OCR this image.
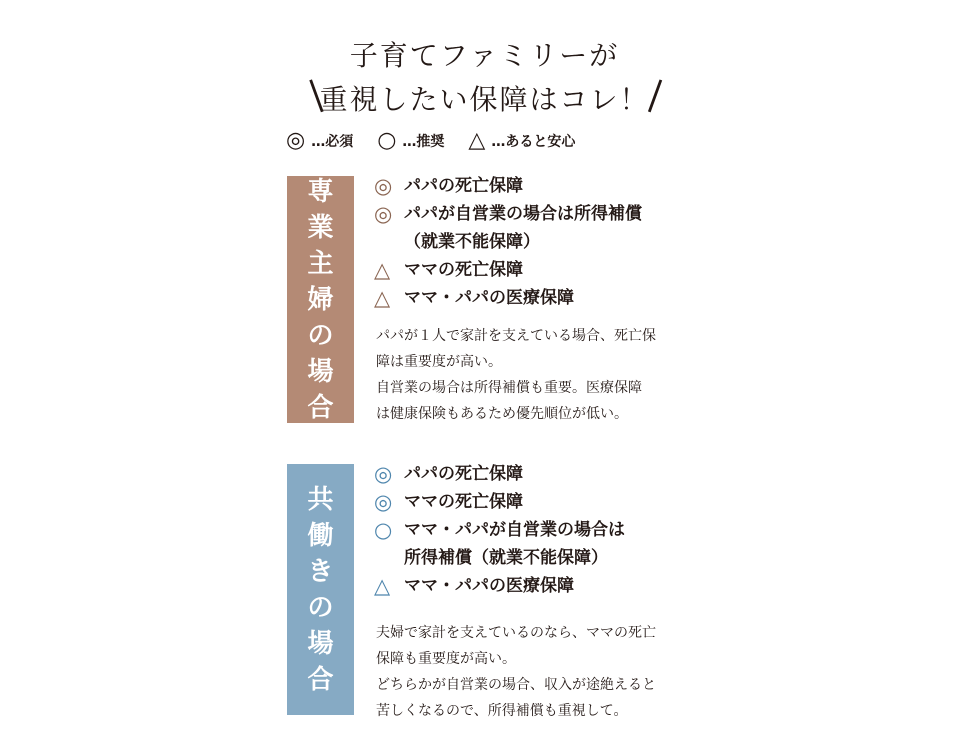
子育てファミリーが
重視したい保障はコレ！
|	|
◎ …必須 ○ …推奨 △ …あると安心
専
業
主
婦
の
場
合
◎ パパの死亡保障
◎ パパが自営業の場合は所得補償
（就業不能保障）
△ ママの死亡保障
△ ママ・パパの医療保障
パパが１人で家計を支えている場合、死亡保
障は重要度が高い。
自営業の場合は所得補償も重要。医療保障
は健康保険もあるため優先順位が低い。
共
働
き
の
場
合
◎ パパの死亡保障
◎ ママの死亡保障
○ ママ・パパが自営業の場合は
所得補償（就業不能保障）
△ ママ・パパの医療保障
夫婦で家計を支えているのなら、ママの死亡
保障も重要度が高い。
どちらかが自営業の場合、収入が途絶えると
苦しくなるので、所得補償も重視して。
